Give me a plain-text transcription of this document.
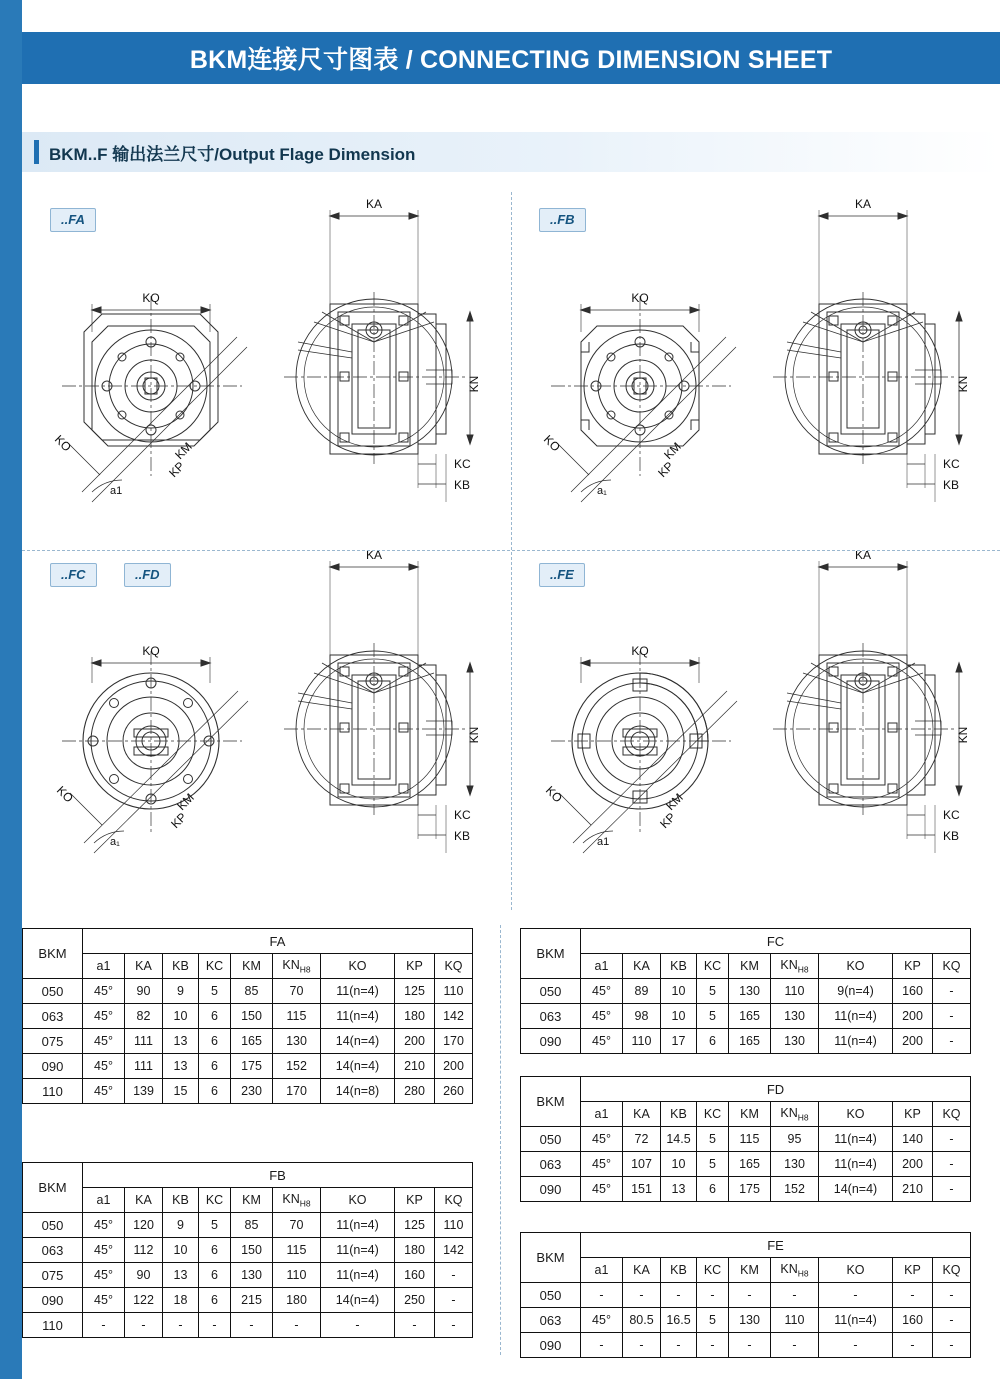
BKM连接尺寸图表 / CONNECTING DIMENSION SHEET
BKM..F 输出法兰尺寸/Output Flage Dimension
..FA
KQ
KA
KN
KC
KB
KO	KM
KP
a1
..FB
KQ
KA
KN
KC
KB
KO	KM
KP
a₁
..FC	..FD
KQ
KA
KN
KC
KB
KO	KM
KP
a₁
..FE
KQ
KA
KN
KC
KB
KO	KM
KP
a1
BKM	FA								
	a1	KA	KB	KC	KM	$KN_{H8}$	KO	KP	KQ
050	45°	90	9	5	85	70	11(n=4)	125	110
063	45°	82	10	6	150	115	11(n=4)	180	142
075	45°	111	13	6	165	130	14(n=4)	200	170
090	45°	111	13	6	175	152	14(n=4)	210	200
110	45°	139	15	6	230	170	14(n=8)	280	260
BKM	FB								
	a1	KA	KB	KC	KM	$KN_{H8}$	KO	KP	KQ
050	45°	120	9	5	85	70	11(n=4)	125	110
063	45°	112	10	6	150	115	11(n=4)	180	142
075	45°	90	13	6	130	110	11(n=4)	160	-
090	45°	122	18	6	215	180	14(n=4)	250	-
110	-	-	-	-	-	-	-	-	-
BKM	FC								
	a1	KA	KB	KC	KM	$KN_{H8}$	KO	KP	KQ
050	45°	89	10	5	130	110	9(n=4)	160	-
063	45°	98	10	5	165	130	11(n=4)	200	-
090	45°	110	17	6	165	130	11(n=4)	200	-
BKM	FD								
	a1	KA	KB	KC	KM	$KN_{H8}$	KO	KP	KQ
050	45°	72	14.5	5	115	95	11(n=4)	140	-
063	45°	107	10	5	165	130	11(n=4)	200	-
090	45°	151	13	6	175	152	14(n=4)	210	-
BKM	FE								
	a1	KA	KB	KC	KM	$KN_{H8}$	KO	KP	KQ
050	-	-	-	-	-	-	-	-	-
063	45°	80.5	16.5	5	130	110	11(n=4)	160	-
090	-	-	-	-	-	-	-	-	-
